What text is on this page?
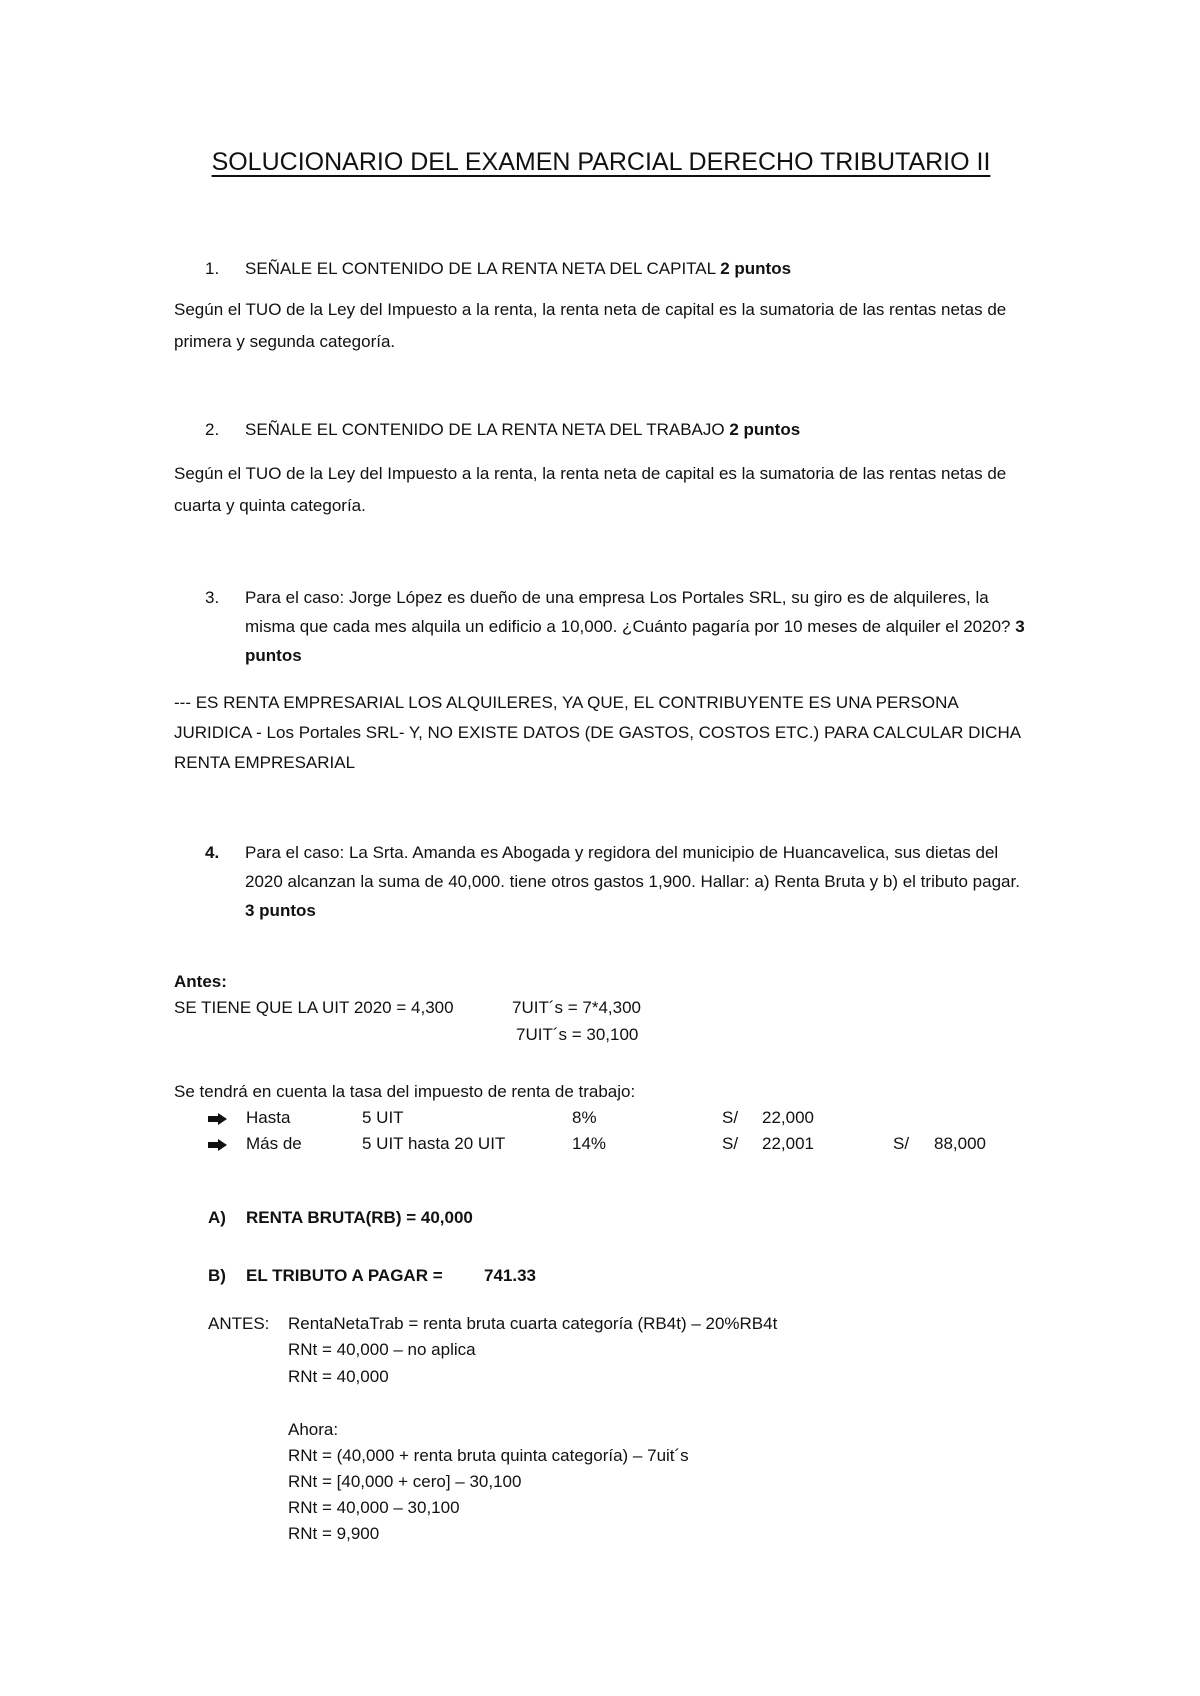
SOLUCIONARIO DEL EXAMEN PARCIAL DERECHO TRIBUTARIO II
1.	SEÑALE EL CONTENIDO DE LA RENTA NETA DEL CAPITAL 2 puntos
Según el TUO de la Ley del Impuesto a la renta, la renta neta de capital es la sumatoria de las rentas netas de primera y segunda categoría.
2.	SEÑALE EL CONTENIDO DE LA RENTA NETA DEL TRABAJO 2 puntos
Según el TUO de la Ley del Impuesto a la renta, la renta neta de capital es la sumatoria de las rentas netas de cuarta y quinta categoría.
3.	Para el caso: Jorge López es dueño de una empresa Los Portales SRL, su giro es de alquileres, la misma que cada mes alquila un edificio a 10,000. ¿Cuánto pagaría por 10 meses de alquiler el 2020? 3 puntos
--- ES RENTA EMPRESARIAL LOS ALQUILERES, YA QUE, EL CONTRIBUYENTE ES UNA PERSONA JURIDICA - Los Portales SRL- Y, NO EXISTE DATOS (DE GASTOS, COSTOS ETC.) PARA CALCULAR DICHA RENTA EMPRESARIAL
4.	Para el caso: La Srta. Amanda es Abogada y regidora del municipio de Huancavelica, sus dietas del 2020 alcanzan la suma de 40,000. tiene otros gastos 1,900. Hallar: a) Renta Bruta y b) el tributo pagar. 3 puntos
Antes:
SE TIENE QUE LA UIT 2020 = 4,300	7UIT´s = 7*4,300
7UIT´s = 30,100
Se tendrá en cuenta la tasa del impuesto de renta de trabajo:
Hasta	5 UIT	8%	S/ 22,000
Más de	5 UIT hasta 20 UIT	14%	S/ 22,001	S/ 88,000
A) RENTA BRUTA(RB) = 40,000
B) EL TRIBUTO A PAGAR = 741.33
ANTES: RentaNetaTrab = renta bruta cuarta categoría (RB4t) – 20%RB4t
RNt = 40,000 – no aplica
RNt = 40,000
Ahora:
RNt = (40,000 + renta bruta quinta categoría) – 7uit´s
RNt = [40,000 + cero] – 30,100
RNt = 40,000 – 30,100
RNt = 9,900
